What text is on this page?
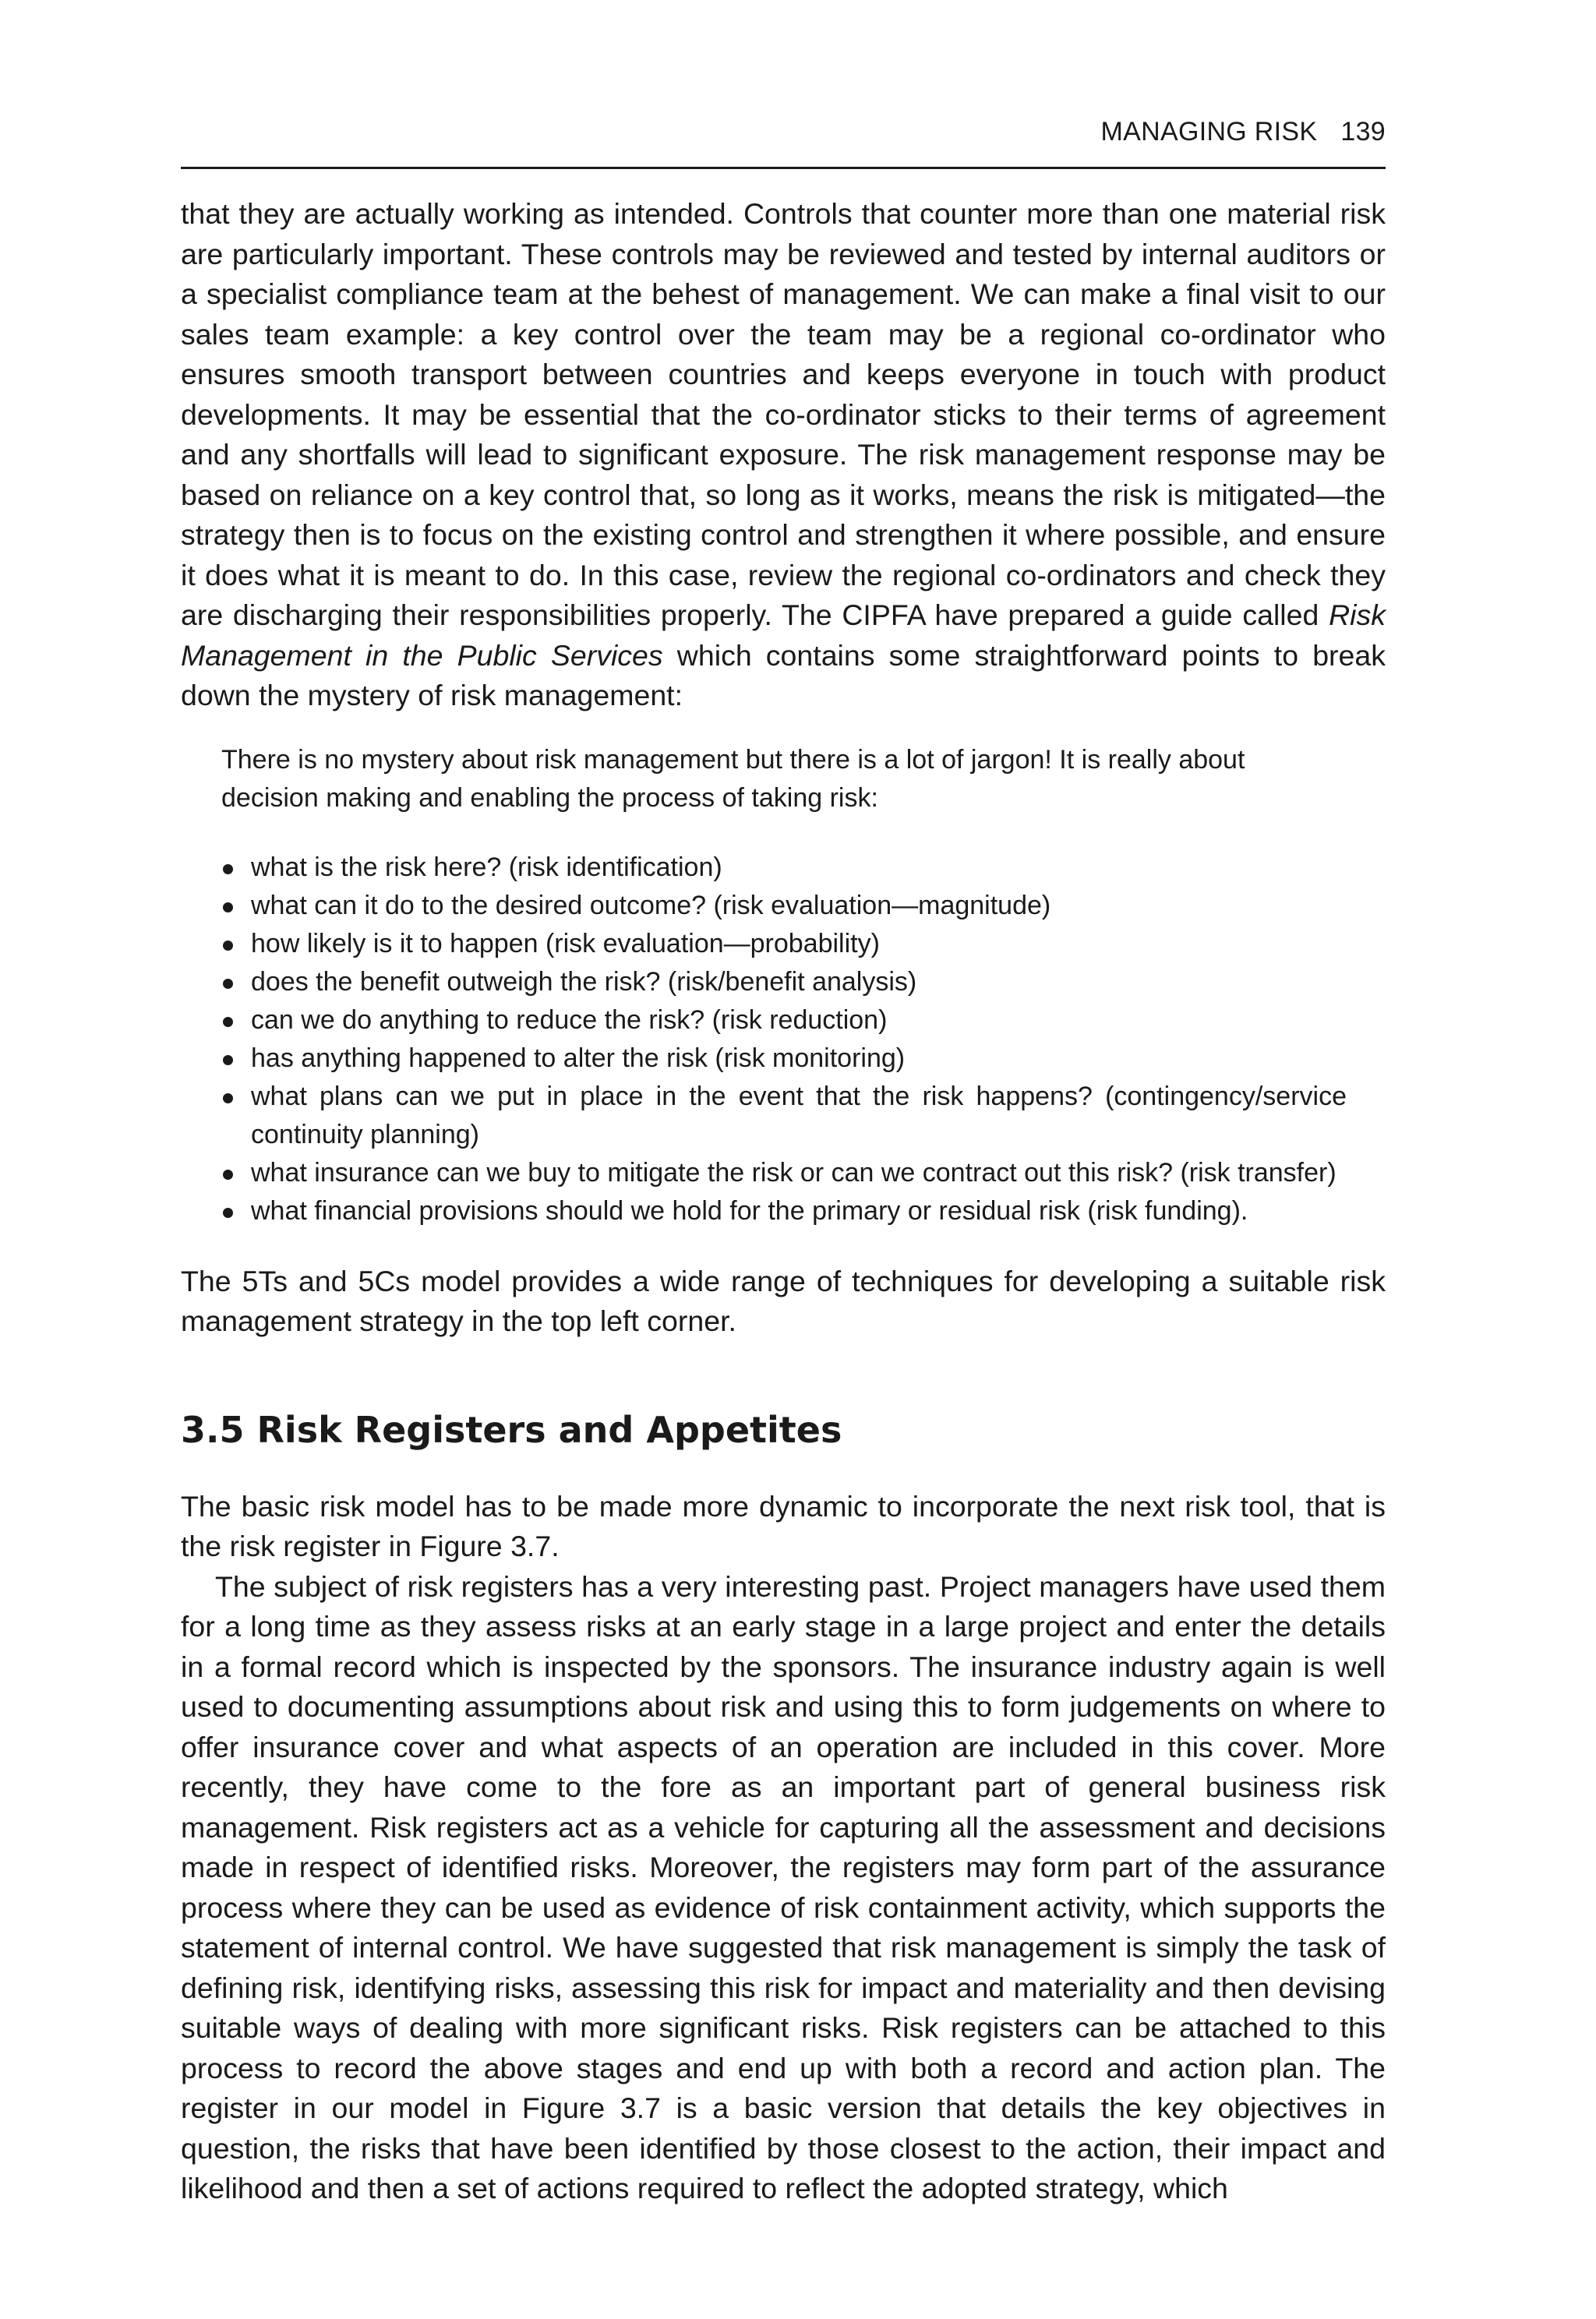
MANAGING RISK 139

that they are actually working as intended. Controls that counter more than one material risk are particularly important. These controls may be reviewed and tested by internal auditors or a specialist compliance team at the behest of management. We can make a final visit to our sales team example: a key control over the team may be a regional co-ordinator who ensures smooth transport between countries and keeps everyone in touch with product developments. It may be essential that the co-ordinator sticks to their terms of agreement and any shortfalls will lead to significant exposure. The risk management response may be based on reliance on a key control that, so long as it works, means the risk is mitigated—the strategy then is to focus on the existing control and strengthen it where possible, and ensure it does what it is meant to do. In this case, review the regional co-ordinators and check they are discharging their responsibilities properly. The CIPFA have prepared a guide called Risk Management in the Public Services which contains some straightforward points to break down the mystery of risk management:

There is no mystery about risk management but there is a lot of jargon! It is really about decision making and enabling the process of taking risk:

what is the risk here? (risk identification)
what can it do to the desired outcome? (risk evaluation—magnitude)
how likely is it to happen (risk evaluation—probability)
does the benefit outweigh the risk? (risk/benefit analysis)
can we do anything to reduce the risk? (risk reduction)
has anything happened to alter the risk (risk monitoring)
what plans can we put in place in the event that the risk happens? (contingency/service continuity planning)
what insurance can we buy to mitigate the risk or can we contract out this risk? (risk transfer)
what financial provisions should we hold for the primary or residual risk (risk funding).

The 5Ts and 5Cs model provides a wide range of techniques for developing a suitable risk management strategy in the top left corner.

3.5 Risk Registers and Appetites

The basic risk model has to be made more dynamic to incorporate the next risk tool, that is the risk register in Figure 3.7.

The subject of risk registers has a very interesting past. Project managers have used them for a long time as they assess risks at an early stage in a large project and enter the details in a formal record which is inspected by the sponsors. The insurance industry again is well used to documenting assumptions about risk and using this to form judgements on where to offer insurance cover and what aspects of an operation are included in this cover. More recently, they have come to the fore as an important part of general business risk management. Risk registers act as a vehicle for capturing all the assessment and decisions made in respect of identified risks. Moreover, the registers may form part of the assurance process where they can be used as evidence of risk containment activity, which supports the statement of internal control. We have suggested that risk management is simply the task of defining risk, identifying risks, assessing this risk for impact and materiality and then devising suitable ways of dealing with more significant risks. Risk registers can be attached to this process to record the above stages and end up with both a record and action plan. The register in our model in Figure 3.7 is a basic version that details the key objectives in question, the risks that have been identified by those closest to the action, their impact and likelihood and then a set of actions required to reflect the adopted strategy, which
